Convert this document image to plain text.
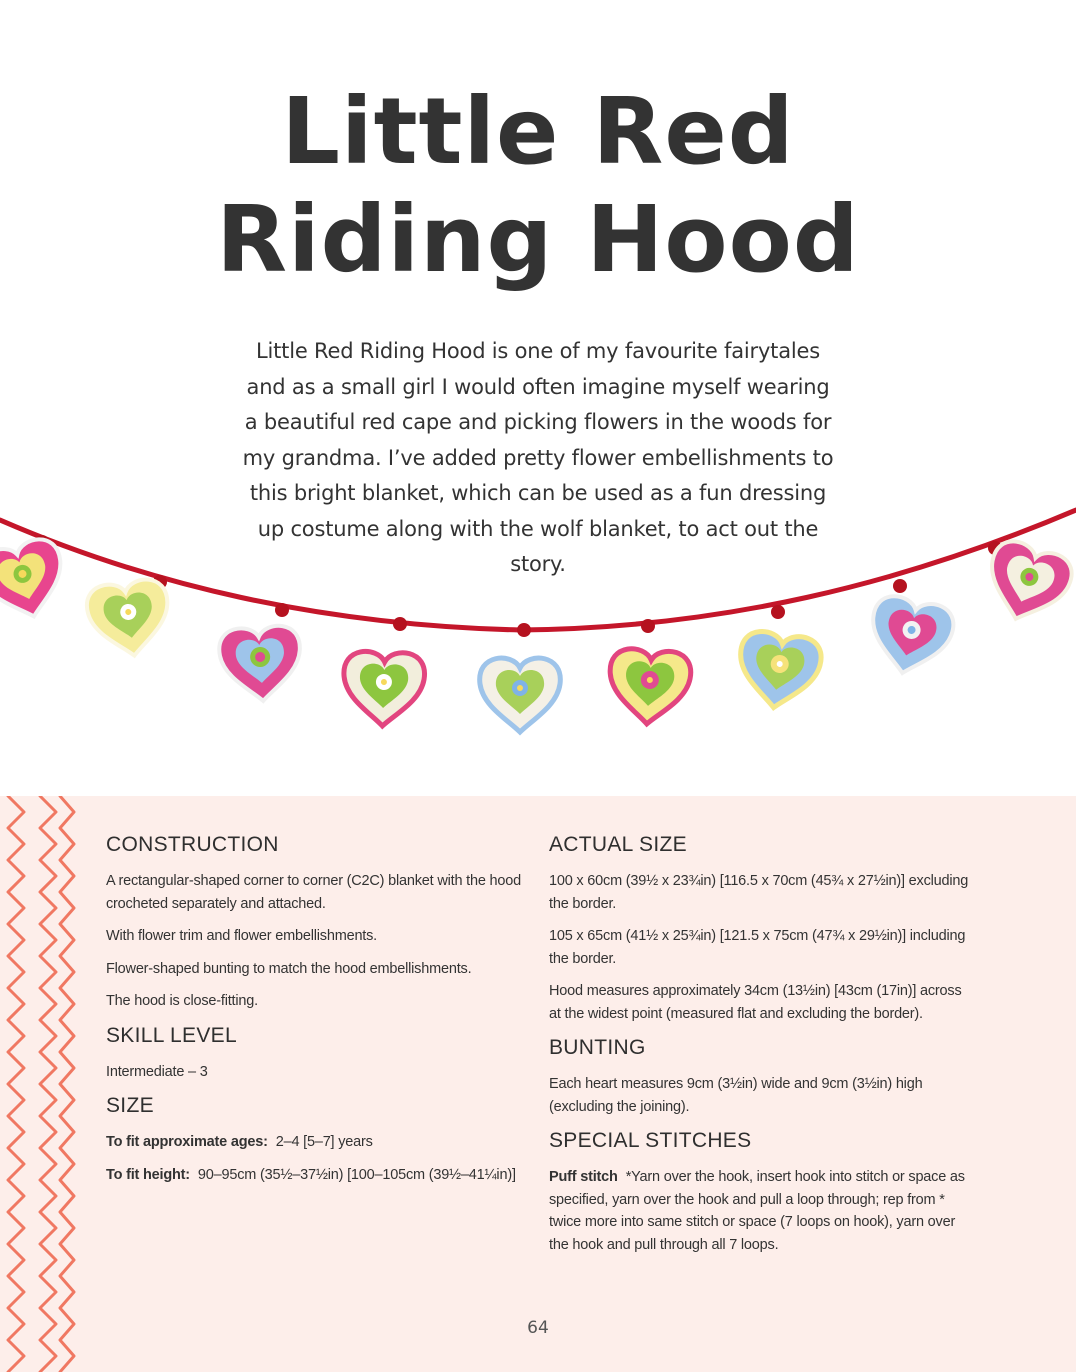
Little Red
Riding Hood

Little Red Riding Hood is one of my favourite fairytales and as a small girl I would often imagine myself wearing a beautiful red cape and picking flowers in the woods for my grandma. I’ve added pretty flower embellishments to this bright blanket, which can be used as a fun dressing up costume along with the wolf blanket, to act out the story.

CONSTRUCTION

A rectangular-shaped corner to corner (C2C) blanket with the hood crocheted separately and attached.

With flower trim and flower embellishments.

Flower-shaped bunting to match the hood embellishments.

The hood is close-fitting.

SKILL LEVEL

Intermediate – 3

SIZE

To fit approximate ages: 2–4 [5–7] years

To fit height: 90–95cm (35½–37½in) [100–105cm (39½–41¼in)]

ACTUAL SIZE

100 x 60cm (39½ x 23¾in) [116.5 x 70cm (45¾ x 27½in)] excluding the border.

105 x 65cm (41½ x 25¾in) [121.5 x 75cm (47¾ x 29½in)] including the border.

Hood measures approximately 34cm (13½in) [43cm (17in)] across at the widest point (measured flat and excluding the border).

BUNTING

Each heart measures 9cm (3½in) wide and 9cm (3½in) high (excluding the joining).

SPECIAL STITCHES

Puff stitch *Yarn over the hook, insert hook into stitch or space as specified, yarn over the hook and pull a loop through; rep from * twice more into same stitch or space (7 loops on hook), yarn over the hook and pull through all 7 loops.

64
